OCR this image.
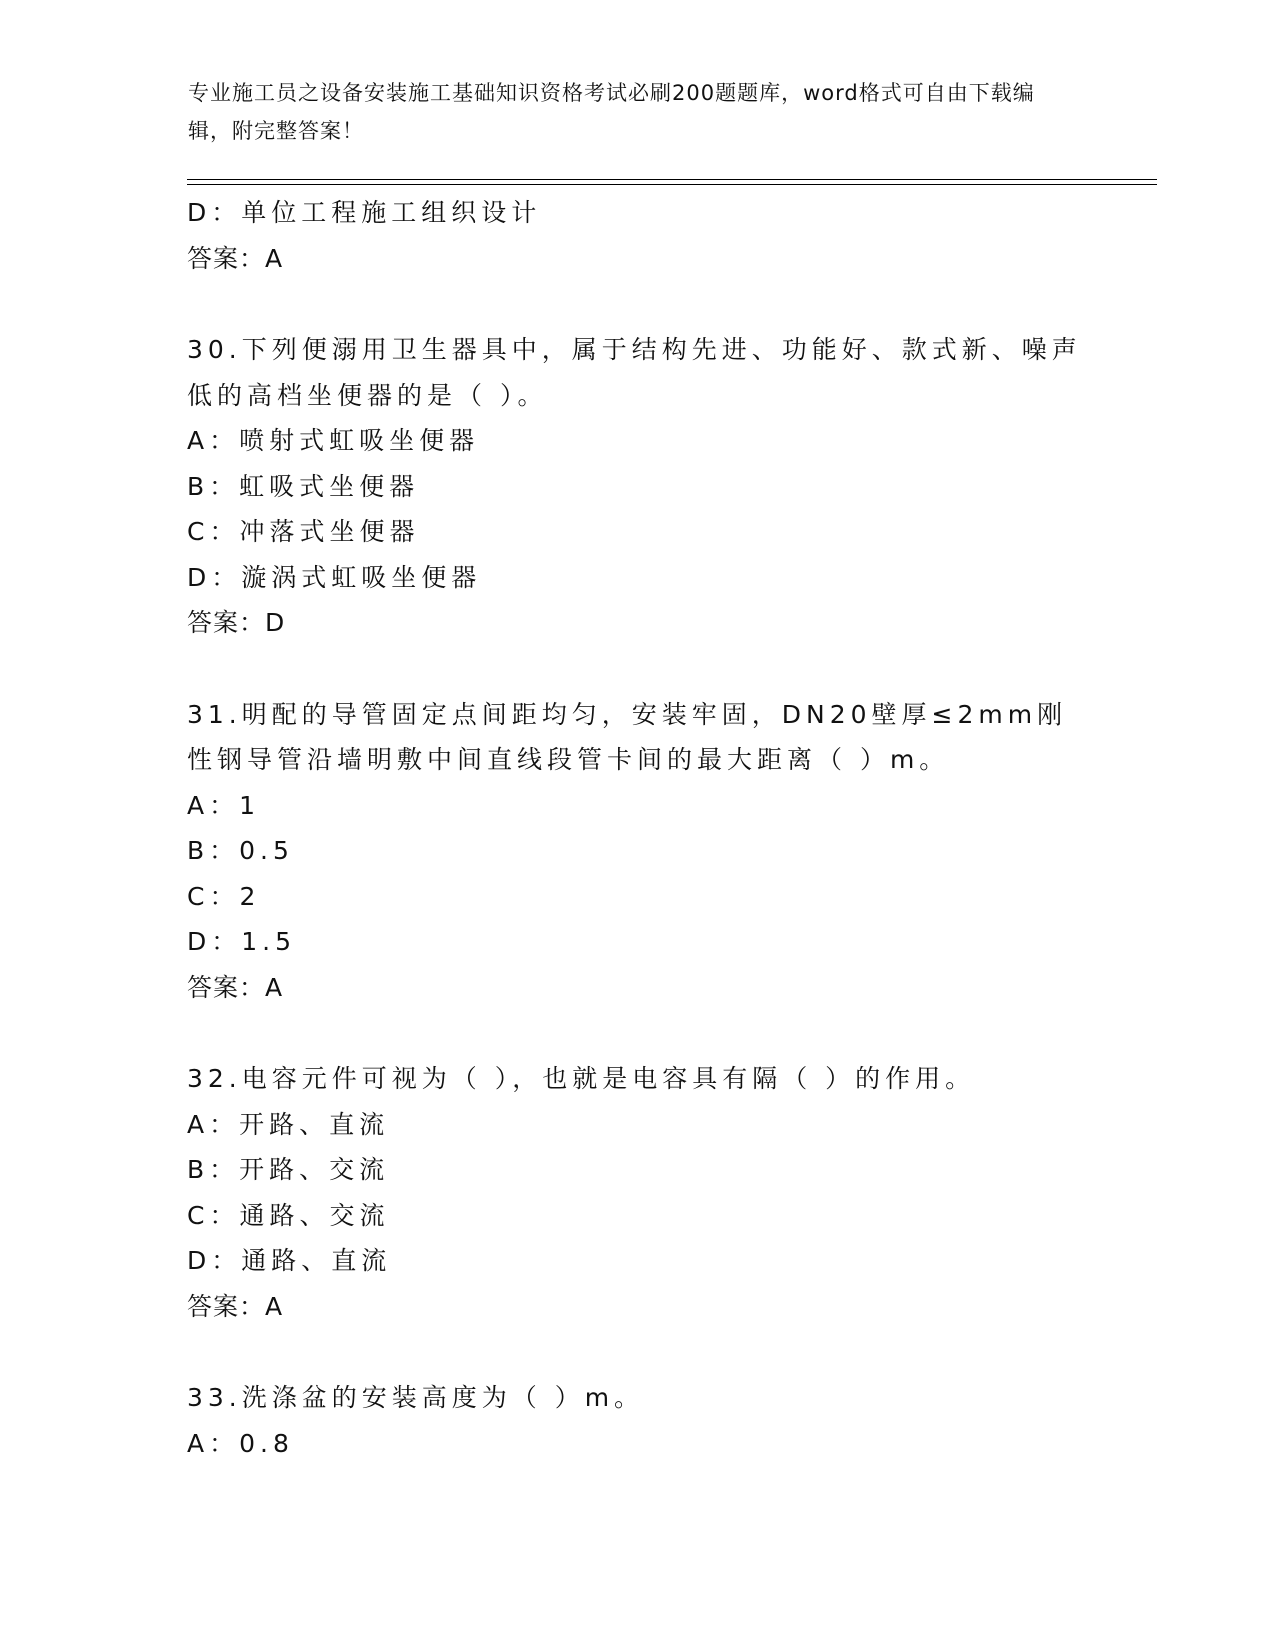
专业施工员之设备安装施工基础知识资格考试必刷200题题库，word格式可自由下载编辑，附完整答案！
D：单位工程施工组织设计
答案：A
30.下列便溺用卫生器具中，属于结构先进、功能好、款式新、噪声低的高档坐便器的是（ ）。
A：喷射式虹吸坐便器
B：虹吸式坐便器
C：冲落式坐便器
D：漩涡式虹吸坐便器
答案：D
31.明配的导管固定点间距均匀，安装牢固，DN20壁厚≤2mm刚性钢导管沿墙明敷中间直线段管卡间的最大距离（ ）m。
A：1
B：0.5
C：2
D：1.5
答案：A
32.电容元件可视为（ ），也就是电容具有隔（ ）的作用。
A：开路、直流
B：开路、交流
C：通路、交流
D：通路、直流
答案：A
33.洗涤盆的安装高度为（ ）m。
A：0.8
